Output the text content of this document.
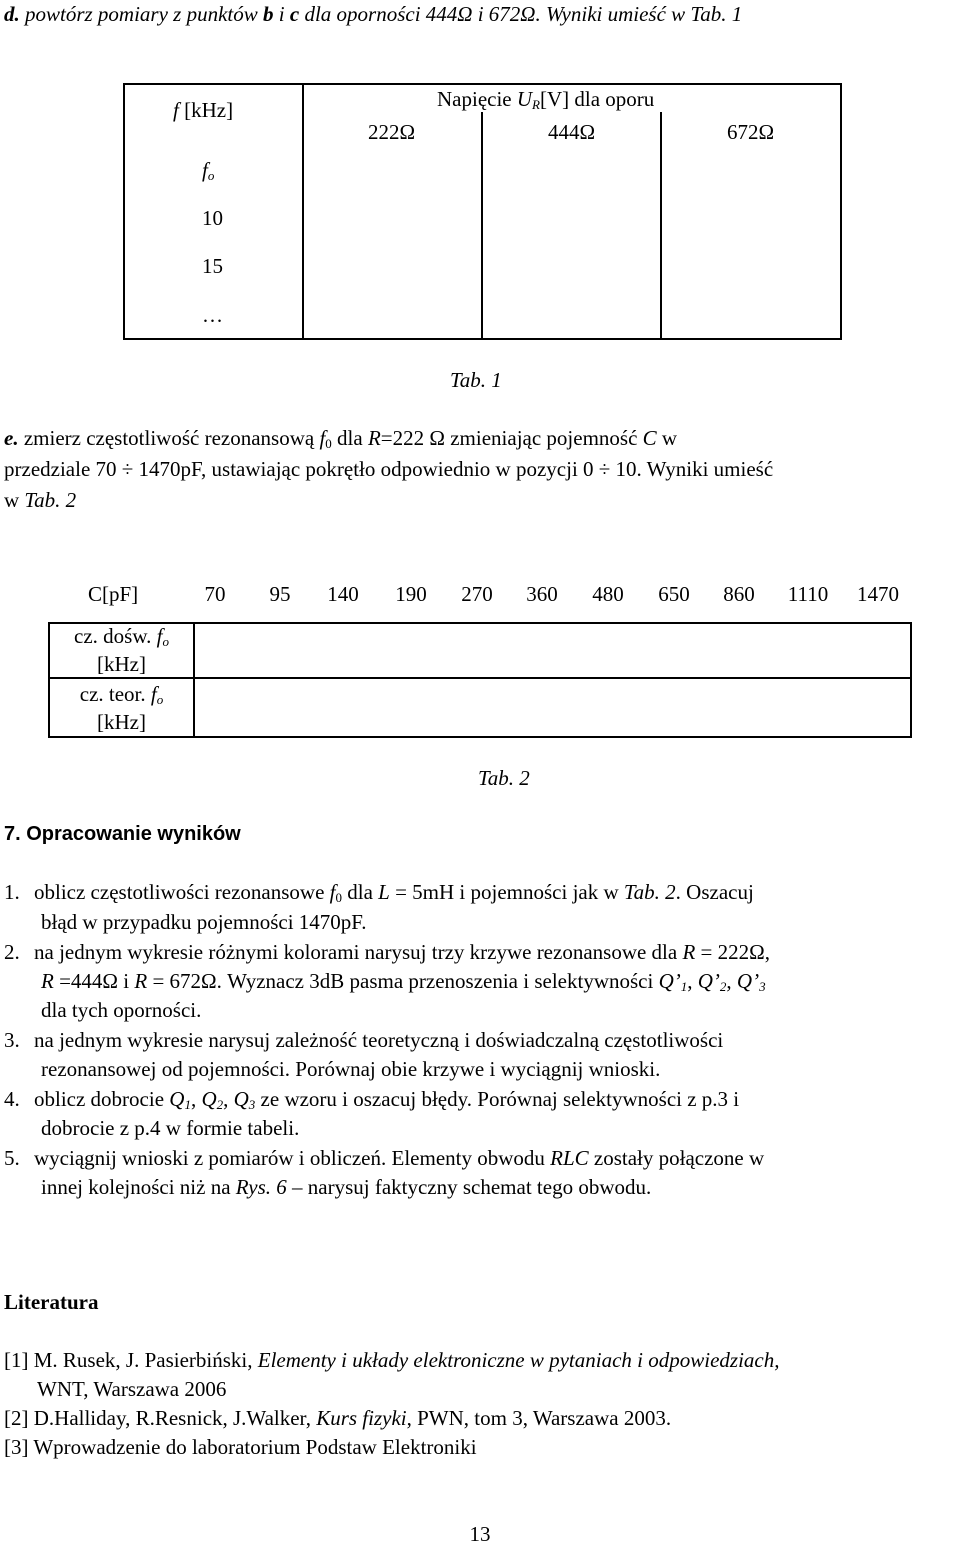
d. powtórz pomiary z punktów b i c dla oporności 444Ω i 672Ω. Wyniki umieść w Tab. 1
f [kHz]	Napięcie $U_R[V]$ dla oporu
222Ω	444Ω	672Ω
$f_o$
10
15
…
Tab. 1
e. zmierz częstotliwość rezonansową $f_0$ dla R=222 Ω zmieniając pojemność C w
przedziale 70 ÷ 1470pF, ustawiając pokrętło odpowiednio w pozycji 0 ÷ 10. Wyniki umieść
w Tab. 2
C[pF]	70 95 140 190 270 360 480 650 860 1110 1470
cz. dośw. $f_o$
[kHz]
cz. teor. $f_o$
[kHz]
Tab. 2
7. Opracowanie wyników
1. oblicz częstotliwości rezonansowe $f_0$ dla L = 5mH i pojemności jak w Tab. 2. Oszacuj
błąd w przypadku pojemności 1470pF.
2. na jednym wykresie różnymi kolorami narysuj trzy krzywe rezonansowe dla R = 222Ω,
R =444Ω i R = 672Ω. Wyznacz 3dB pasma przenoszenia i selektywności $Q’_1$, $Q’_2$, $Q’_3$
dla tych oporności.
3. na jednym wykresie narysuj zależność teoretyczną i doświadczalną częstotliwości
rezonansowej od pojemności. Porównaj obie krzywe i wyciągnij wnioski.
4. oblicz dobrocie $Q_1$, $Q_2$, $Q_3$ ze wzoru i oszacuj błędy. Porównaj selektywności z p.3 i
dobrocie z p.4 w formie tabeli.
5. wyciągnij wnioski z pomiarów i obliczeń. Elementy obwodu RLC zostały połączone w
innej kolejności niż na Rys. 6 – narysuj faktyczny schemat tego obwodu.
Literatura
[1] M. Rusek, J. Pasierbiński, Elementy i układy elektroniczne w pytaniach i odpowiedziach,
WNT, Warszawa 2006
[2] D.Halliday, R.Resnick, J.Walker, Kurs fizyki, PWN, tom 3, Warszawa 2003.
[3] Wprowadzenie do laboratorium Podstaw Elektroniki
13
